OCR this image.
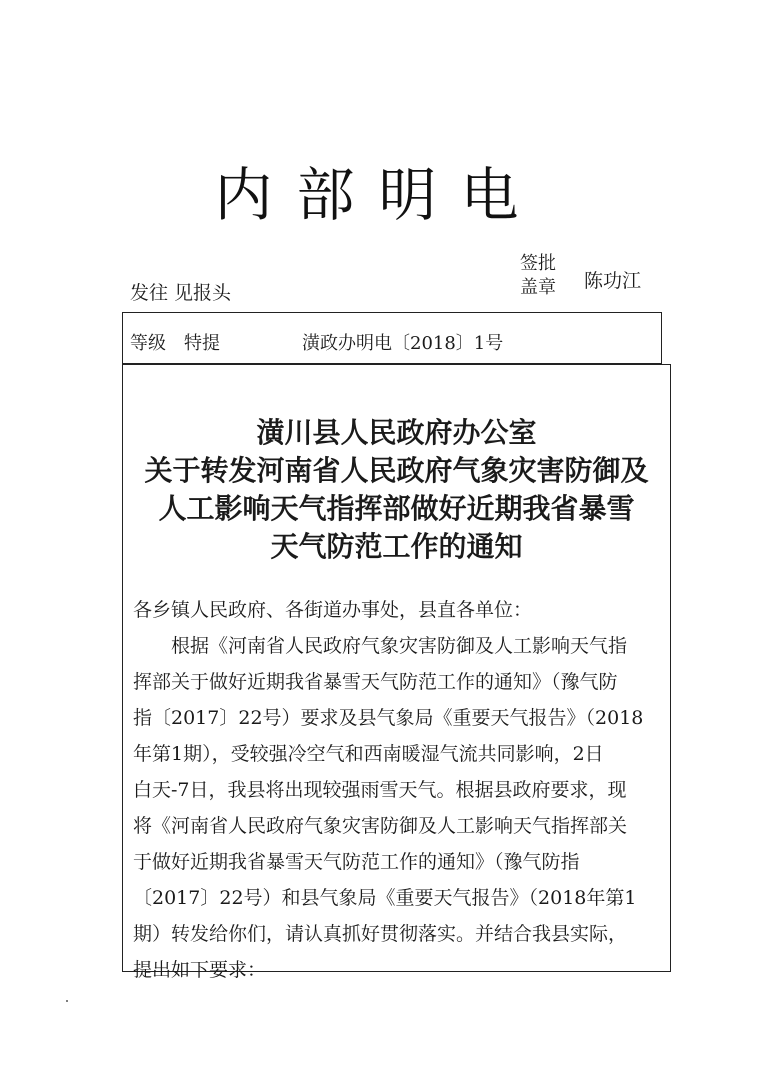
内部明电
发往 见报头
签批
盖章 陈功江
等级　特提	潢政办明电〔2018〕1号
潢川县人民政府办公室
关于转发河南省人民政府气象灾害防御及
人工影响天气指挥部做好近期我省暴雪
天气防范工作的通知
各乡镇人民政府、各街道办事处，县直各单位：
根据《河南省人民政府气象灾害防御及人工影响天气指
挥部关于做好近期我省暴雪天气防范工作的通知》（豫气防
指〔2017〕22号）要求及县气象局《重要天气报告》（2018
年第1期），受较强冷空气和西南暖湿气流共同影响，2日
白天-7日，我县将出现较强雨雪天气。根据县政府要求，现
将《河南省人民政府气象灾害防御及人工影响天气指挥部关
于做好近期我省暴雪天气防范工作的通知》（豫气防指
〔2017〕22号）和县气象局《重要天气报告》（2018年第1
期）转发给你们，请认真抓好贯彻落实。并结合我县实际，
提出如下要求：
